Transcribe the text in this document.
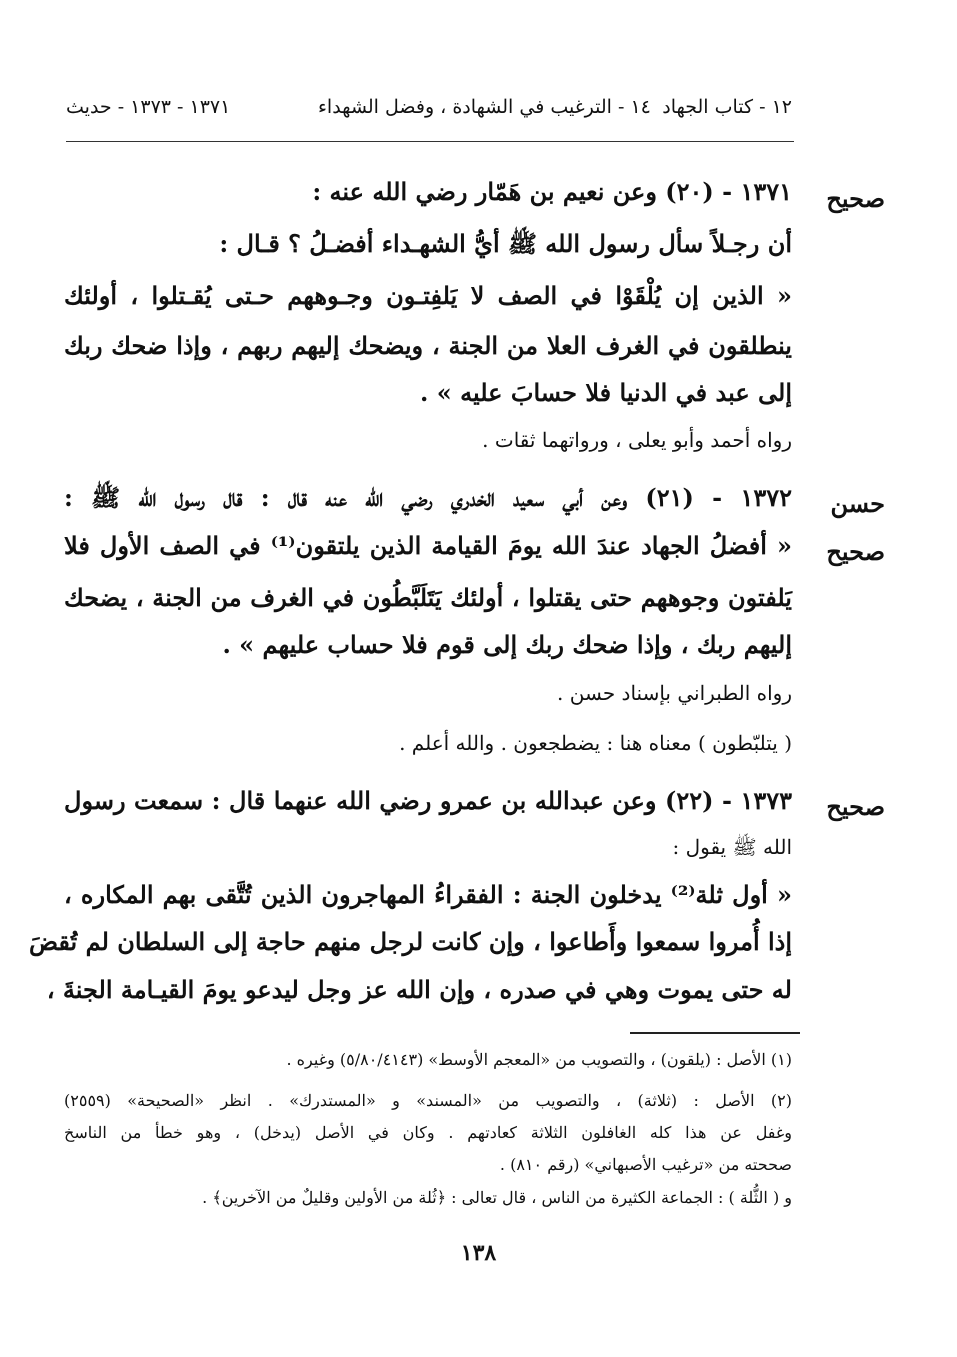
١٣٧١ - ١٣٧٣ - حديث	١٤ - الترغيب في الشهادة ، وفضل الشهداء ١٢ - كتاب الجهاد
صحيح
١٣٧١ - (٢٠) وعن نعيم بن هَمّار رضي الله عنه :
أن رجـلاً سأل رسول الله ﷺ أيُّ الشهـداء أفضـلُ ؟ قـال :
« الذين إن يُلْقَوْا في الصف لا يَلفِتـون وجـوههم حـتى يُقـتلوا ، أولئك
ينطلقون في الغرف العلا من الجنة ، ويضحك إليهم ربهم ، وإذا ضحك ربك
إلى عبد في الدنيا فلا حسابَ عليه » .
رواه أحمد وأبو يعلى ، ورواتهما ثقات .
حسن
صحيح
١٣٧٢ - (٢١) وعن أبي سعيد الخدري رضي الله عنه قال : قال رسول الله ﷺ :
« أفضلُ الجهاد عندَ الله يومَ القيامة الذين يلتقون⁽¹⁾ في الصف الأول فلا
يَلفتون وجوههم حتى يقتلوا ، أولئك يَتَلَبَّطُون في الغرف من الجنة ، يضحك
إليهم ربك ، وإذا ضحك ربك إلى قوم فلا حساب عليهم » .
رواه الطبراني بإسناد حسن .
( يتلبّطون ) معناه هنا : يضطجعون . والله أعلم .
صحيح
١٣٧٣ - (٢٢) وعن عبدالله بن عمرو رضي الله عنهما قال : سمعت رسول
الله ﷺ يقول :
« أول ثلة⁽²⁾ يدخلون الجنة : الفقراءُ المهاجرون الذين تُتَّقى بهم المكاره ،
إذا أُمروا سمعوا وأَطاعوا ، وإن كانت لرجل منهم حاجة إلى السلطان لم تُقضَ
له حتى يموت وهي في صدره ، وإن الله عز وجل ليدعو يومَ القيـامة الجنةَ ،
(١) الأصل : (يلقون) ، والتصويب من «المعجم الأوسط» (٥/٨٠/٤١٤٣) وغيره .
(٢) الأصل : (ثلاثة) ، والتصويب من «المسند» و «المستدرك» . انظر «الصحيحة» (٢٥٥٩)
وغفل عن هذا كله الغافلون الثلاثة كعادتهم . وكان في الأصل (يدخل) ، وهو خطأ من الناسخ
صححته من «ترغيب الأصبهاني» (رقم ٨١٠) .
و ( الثُّلة ) : الجماعة الكثيرة من الناس ، قال تعالى : ﴿ثُلة من الأولين وقليلٌ من الآخرين﴾ .
١٣٨
